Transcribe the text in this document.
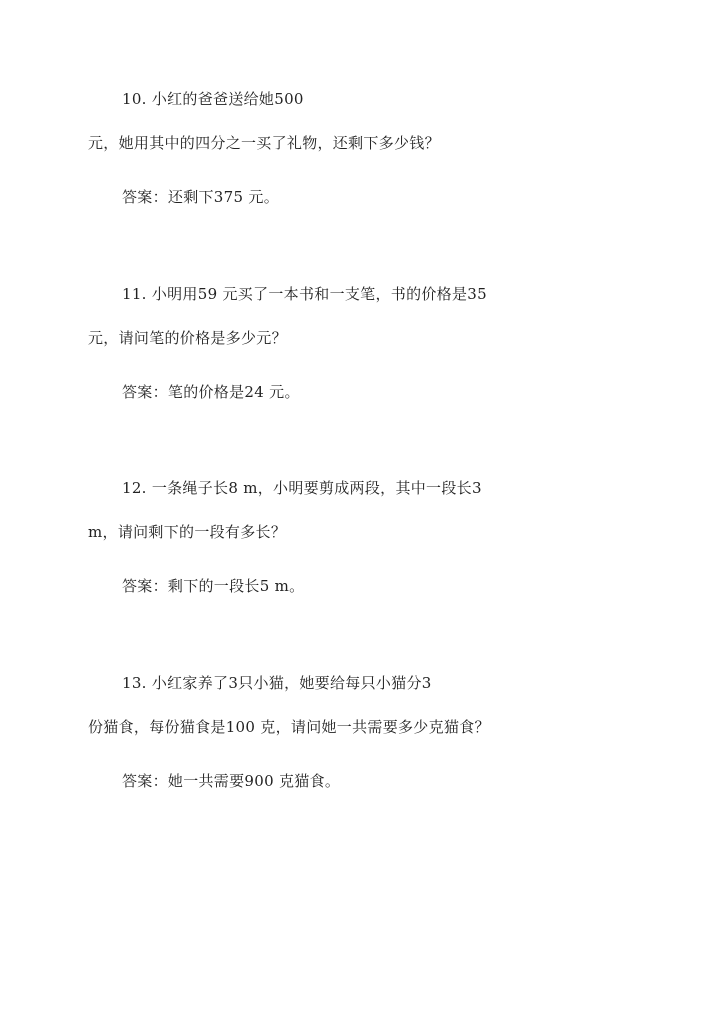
10. 小红的爸爸送给她500
元，她用其中的四分之一买了礼物，还剩下多少钱？
答案：还剩下375 元。
11. 小明用59 元买了一本书和一支笔，书的价格是35
元，请问笔的价格是多少元？
答案：笔的价格是24 元。
12. 一条绳子长8 m，小明要剪成两段，其中一段长3
m，请问剩下的一段有多长？
答案：剩下的一段长5 m。
13. 小红家养了3只小猫，她要给每只小猫分3
份猫食，每份猫食是100 克，请问她一共需要多少克猫食？
答案：她一共需要900 克猫食。
